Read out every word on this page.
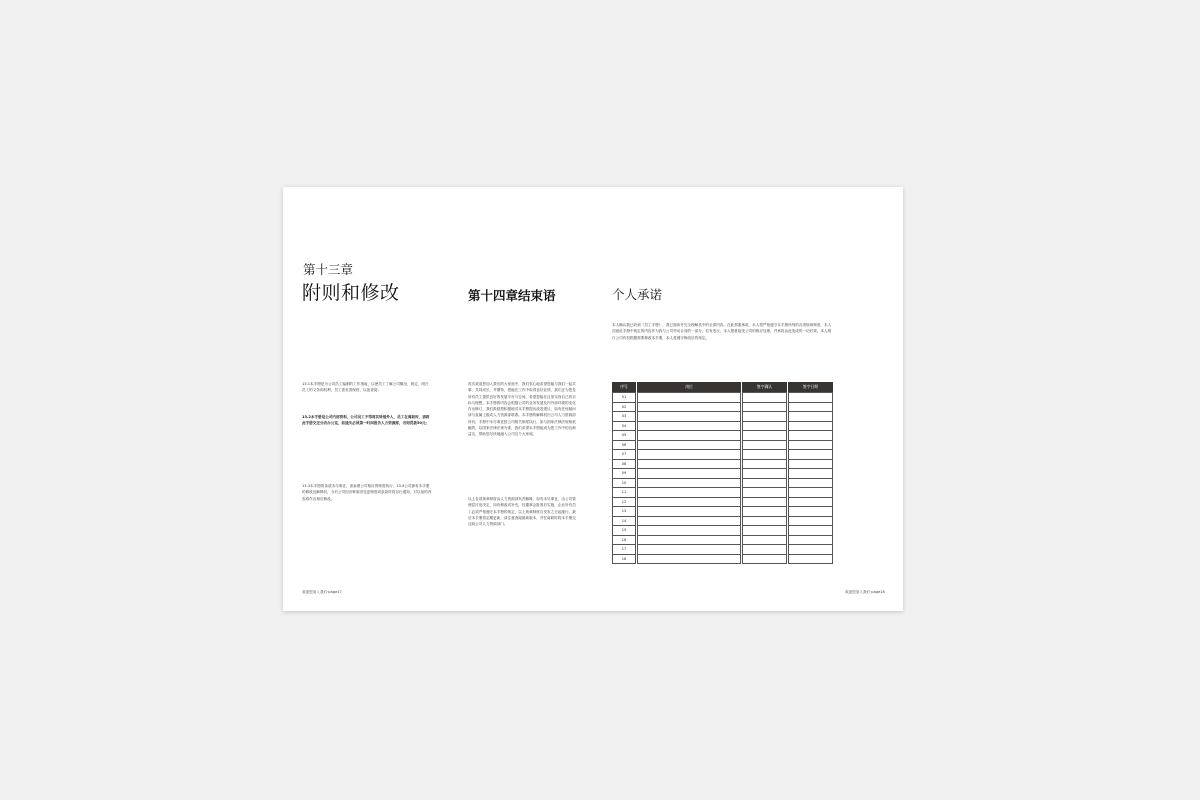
第十三章
附则和修改
13.1本手册是为公司员工编制的工作指南，以使员工了解公司概况、规定，明白员工的义务和权利，员工需妥善保管，以备查阅；
13.2本手册是公司内部资料，公司员工不得将其转借外人，员工在离职时，请将此手册交还分店办公室，如遗失必须第一时间报告人力资源部，否则罚款50元；
13.3本手册的条款未尽事宜，请参照公司相应的制度执行；13.4公司拥有本手册的修改及解释权，今后公司因各种原因变更制度或条款时将另行通知，对以前的内容将作出相应修改。
欢迎您加入我们·page17
第十四章结束语
再次欢迎您加入我们的大家庭中，我们衷心地希望您能与我们一起共事、共同成长，并期待，您能在工作中取得良好业绩，我们正为您及所有员工提供良好的发展平台与空间，希望您能在这里实现自己的目标与理想。本手册的内容会根据公司的业务发展及内外部环境的变化作出修订，我们鼓励您积极地对本手册提出改进建议，如有任何疑问请与直属上级或人力资源部联系。本手册的解释权归公司人力资源部所有，手册中未尽事宜按公司相关制度执行，如与国家法律法规相抵触的，以国家法律法规为准，我们希望本手册能成为您工作中的良师益友，帮助您尽快地融入公司这个大家庭。
以上各项规章制度由人力资源部负责解释，如有未尽事宜，由公司管理层讨论决定，如有修改或补充，经董事会批准后实施，企业所有员工必须严格遵守本手册的规定，以上规章制度自发布之日起施行。最后本手册将定期更新，请注意查阅最新版本，并在离职时将本手册交还给公司人力资源部门。
个人承诺
本人确认我已收到《员工手册》，我已阅读并完全理解其中的全部内容，在此郑重承诺，本人将严格遵守本手册所列的各项规章制度，本人同意此手册中规定的内容作为我与公司劳动合同的一部分，若有违反，本人愿意接受公司的相应处理，并承担由此造成的一切后果。本人明白公司有权根据需要修改本手册，本人将遵守修改后的规定。
序号	岗位	签字确认	签字日期
01			
02			
03			
04			
05			
06			
07			
08			
09			
10			
11			
12			
13			
14			
15			
16			
17			
18			
欢迎您加入我们·page18
